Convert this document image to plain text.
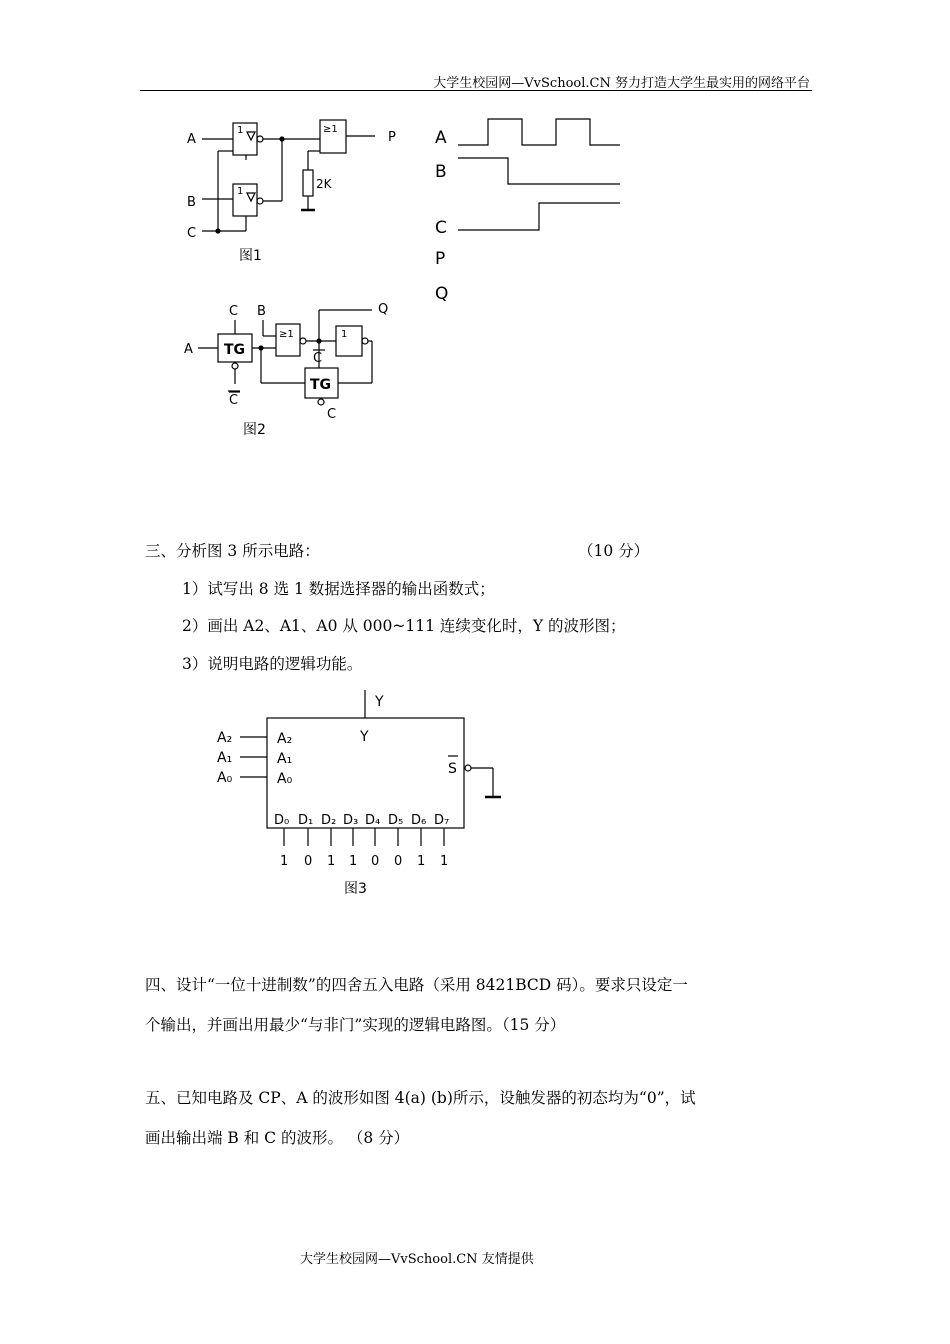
大学生校园网—VvSchool.CN 努力打造大学生最实用的网络平台
A
B
C
1
1
2K
≥1
P
图1
A
B
C
P
Q
A TG
C
C
B
≥1
Q
1
C
TG
C
图2
三、分析图 3 所示电路：	（10 分）
1）试写出 8 选 1 数据选择器的输出函数式；
2）画出 A2、A1、A0 从 000~111 连续变化时，Y 的波形图；
3）说明电路的逻辑功能。
Y
Y
A₂
A₁
A₀
A₂
A₁
A₀
S
D₀
1
D₁
0
D₂
1
D₃
1
D₄
0
D₅
0
D₆
1
D₇
1
图3
四、设计“一位十进制数”的四舍五入电路（采用 8421BCD 码）。要求只设定一
个输出，并画出用最少“与非门”实现的逻辑电路图。（15 分）
五、已知电路及 CP、A 的波形如图 4(a) (b)所示，设触发器的初态均为“0”，试
画出输出端 B 和 C 的波形。 （8 分）
大学生校园网—VvSchool.CN 友情提供
